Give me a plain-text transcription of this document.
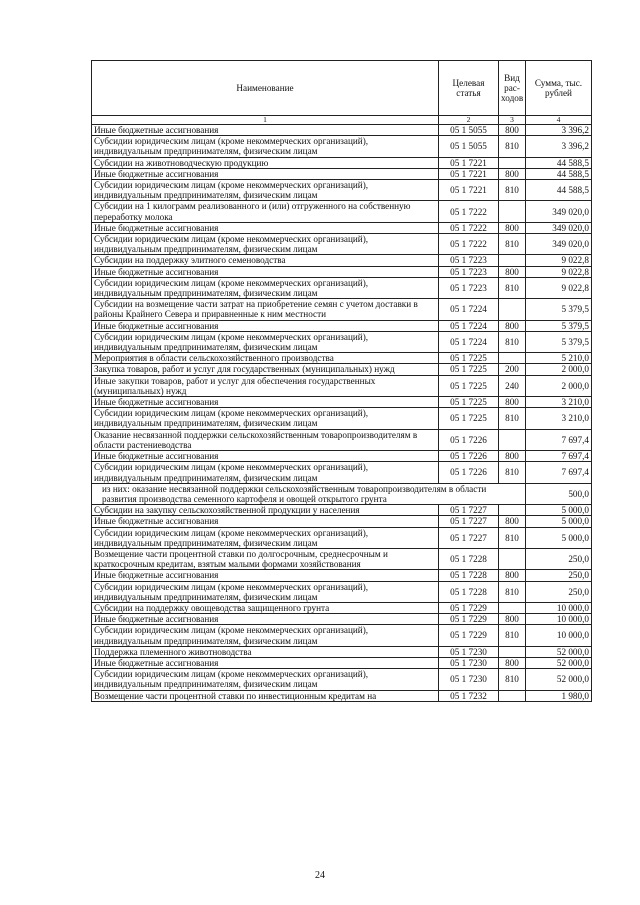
Наименование	Целевая статья	Вид рас-ходов	Сумма, тыс. рублей
1	2	3	4
Иные бюджетные ассигнования	05 1 5055	800	3 396,2
Субсидии юридическим лицам (кроме некоммерческих организаций), индивидуальным предпринимателям, физическим лицам	05 1 5055	810	3 396,2
Субсидии на животноводческую продукцию	05 1 7221		44 588,5
Иные бюджетные ассигнования	05 1 7221	800	44 588,5
Субсидии юридическим лицам (кроме некоммерческих организаций), индивидуальным предпринимателям, физическим лицам	05 1 7221	810	44 588,5
Субсидии на 1 килограмм реализованного и (или) отгруженного на собственную переработку молока	05 1 7222		349 020,0
Иные бюджетные ассигнования	05 1 7222	800	349 020,0
Субсидии юридическим лицам (кроме некоммерческих организаций), индивидуальным предпринимателям, физическим лицам	05 1 7222	810	349 020,0
Субсидии на поддержку элитного семеноводства	05 1 7223		9 022,8
Иные бюджетные ассигнования	05 1 7223	800	9 022,8
Субсидии юридическим лицам (кроме некоммерческих организаций), индивидуальным предпринимателям, физическим лицам	05 1 7223	810	9 022,8
Субсидии на возмещение части затрат на приобретение семян с учетом доставки в районы Крайнего Севера и приравненные к ним местности	05 1 7224		5 379,5
Иные бюджетные ассигнования	05 1 7224	800	5 379,5
Субсидии юридическим лицам (кроме некоммерческих организаций), индивидуальным предпринимателям, физическим лицам	05 1 7224	810	5 379,5
Мероприятия в области сельскохозяйственного производства	05 1 7225		5 210,0
Закупка товаров, работ и услуг для государственных (муниципальных) нужд	05 1 7225	200	2 000,0
Иные закупки товаров, работ и услуг для обеспечения государственных (муниципальных) нужд	05 1 7225	240	2 000,0
Иные бюджетные ассигнования	05 1 7225	800	3 210,0
Субсидии юридическим лицам (кроме некоммерческих организаций), индивидуальным предпринимателям, физическим лицам	05 1 7225	810	3 210,0
Оказание несвязанной поддержки сельскохозяйственным товаропроизводителям в области растениеводства	05 1 7226		7 697,4
Иные бюджетные ассигнования	05 1 7226	800	7 697,4
Субсидии юридическим лицам (кроме некоммерческих организаций), индивидуальным предпринимателям, физическим лицам	05 1 7226	810	7 697,4
из них: оказание несвязанной поддержки сельскохозяйственным товаропроизводителям в области развития производства семенного картофеля и овощей открытого грунта			500,0
Субсидии на закупку сельскохозяйственной продукции у населения	05 1 7227		5 000,0
Иные бюджетные ассигнования	05 1 7227	800	5 000,0
Субсидии юридическим лицам (кроме некоммерческих организаций), индивидуальным предпринимателям, физическим лицам	05 1 7227	810	5 000,0
Возмещение части процентной ставки по долгосрочным, среднесрочным и краткосрочным кредитам, взятым малыми формами хозяйствования	05 1 7228		250,0
Иные бюджетные ассигнования	05 1 7228	800	250,0
Субсидии юридическим лицам (кроме некоммерческих организаций), индивидуальным предпринимателям, физическим лицам	05 1 7228	810	250,0
Субсидии на поддержку овощеводства защищенного грунта	05 1 7229		10 000,0
Иные бюджетные ассигнования	05 1 7229	800	10 000,0
Субсидии юридическим лицам (кроме некоммерческих организаций), индивидуальным предпринимателям, физическим лицам	05 1 7229	810	10 000,0
Поддержка племенного животноводства	05 1 7230		52 000,0
Иные бюджетные ассигнования	05 1 7230	800	52 000,0
Субсидии юридическим лицам (кроме некоммерческих организаций), индивидуальным предпринимателям, физическим лицам	05 1 7230	810	52 000,0
Возмещение части процентной ставки по инвестиционным кредитам на	05 1 7232		1 980,0
24
